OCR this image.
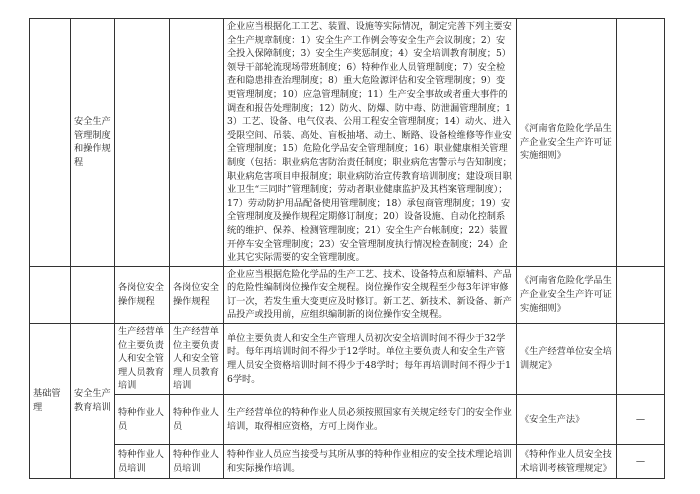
	安全生产管理制度和操作规程			企业应当根据化工工艺、装置、设施等实际情况，制定完善下列主要安全生产规章制度：1）安全生产工作例会等安全生产会议制度；2）安全投入保障制度；3）安全生产奖惩制度；4）安全培训教育制度；5）领导干部轮流现场带班制度；6）特种作业人员管理制度；7）安全检查和隐患排查治理制度；8）重大危险源评估和安全管理制度；9）变更管理制度；10）应急管理制度；11）生产安全事故或者重大事件的调查和报告处理制度；12）防火、防爆、防中毒、防泄漏管理制度；13）工艺、设备、电气仪表、公用工程安全管理制度；14）动火、进入受限空间、吊装、高处、盲板抽堵、动土、断路、设备检维修等作业安全管理制度；15）危险化学品安全管理制度；16）职业健康相关管理制度（包括：职业病危害防治责任制度；职业病危害警示与告知制度；职业病危害项目申报制度；职业病防治宣传教育培训制度；建设项目职业卫生“三同时”管理制度；劳动者职业健康监护及其档案管理制度）；17）劳动防护用品配备使用管理制度；18）承包商管理制度；19）安全管理制度及操作规程定期修订制度；20）设备设施、自动化控制系统的维护、保养、检测管理制度；21）安全生产台帐制度；22）装置开停车安全管理制度；23）安全管理制度执行情况检查制度；24）企业其它实际需要的安全管理制度。	《河南省危险化学品生产企业安全生产许可证实施细则》	
		各岗位安全操作规程	各岗位安全操作规程	企业应当根据危险化学品的生产工艺、技术、设备特点和原辅料、产品的危险性编制岗位操作安全规程。岗位操作安全规程至少每3年评审修订一次，若发生重大变更应及时修订。新工艺、新技术、新设备、新产品投产或投用前，应组织编制新的岗位操作安全规程。	《河南省危险化学品生产企业安全生产许可证实施细则》	

基础管理	安全生产教育培训	生产经营单位主要负责人和安全管理人员教育培训	生产经营单位主要负责人和安全管理人员教育培训	单位主要负责人和安全生产管理人员初次安全培训时间不得少于32学时。每年再培训时间不得少于12学时。单位主要负责人和安全生产管理人员安全资格培训时间不得少于48学时；每年再培训时间不得少于16学时。	《生产经营单位安全培训规定》	
		特种作业人员	特种作业人员	生产经营单位的特种作业人员必须按照国家有关规定经专门的安全作业培训，取得相应资格，方可上岗作业。	《安全生产法》	—
		特种作业人员培训	特种作业人员培训	特种作业人员应当接受与其所从事的特种作业相应的安全技术理论培训和实际操作培训。	《特种作业人员安全技术培训考核管理规定》	—
